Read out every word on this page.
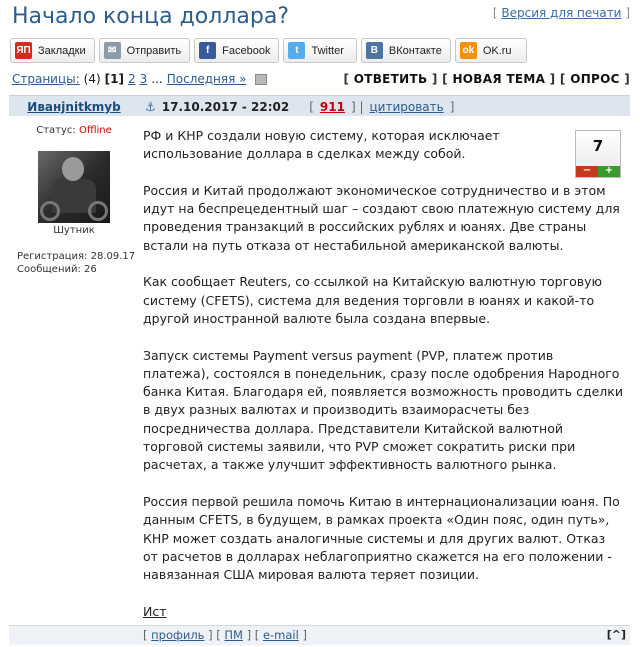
Начало конца доллара?	[ Версия для печати ]
ЯП Закладки	✉ Отправить	f	Facebook	t	Twitter	B ВКонтакте ok OK.ru
Страницы: (4) [1] 2 3 ... Последняя »	[ ОТВЕТИТЬ ] [ НОВАЯ ТЕМА ] [ ОПРОС ]
Иванjnitkmyb	⚓ 17.10.2017 - 22:02 [ 911 ] | цитировать ]
Статус: Offline
Шутник
Регистрация: 28.09.17
Сообщений: 26
7
−	+

РФ и КНР создали новую систему, которая исключает использование доллара в сделках между собой.

Россия и Китай продолжают экономическое сотрудничество и в этом идут на беспрецедентный шаг – создают свою платежную систему для проведения транзакций в российских рублях и юанях. Две страны встали на путь отказа от нестабильной американской валюты.

Как сообщает Reuters, со ссылкой на Китайскую валютную торговую систему (CFETS), система для ведения торговли в юанях и какой-то другой иностранной валюте была создана впервые.

Запуск системы Payment versus payment (PVP, платеж против платежа), состоялся в понедельник, сразу после одобрения Народного банка Китая. Благодаря ей, появляется возможность проводить сделки в двух разных валютах и производить взаиморасчеты без посредничества доллара. Представители Китайской валютной торговой системы заявили, что PVP сможет сократить риски при расчетах, а также улучшит эффективность валютного рынка.

Россия первой решила помочь Китаю в интернационализации юаня. По данным CFETS, в будущем, в рамках проекта «Один пояс, один путь», КНР может создать аналогичные системы и для других валют. Отказ от расчетов в долларах неблагоприятно скажется на его положении - навязанная США мировая валюта теряет позиции.

Ист
[ профиль ] [ ПМ ] [ e-mail ]	[^]
